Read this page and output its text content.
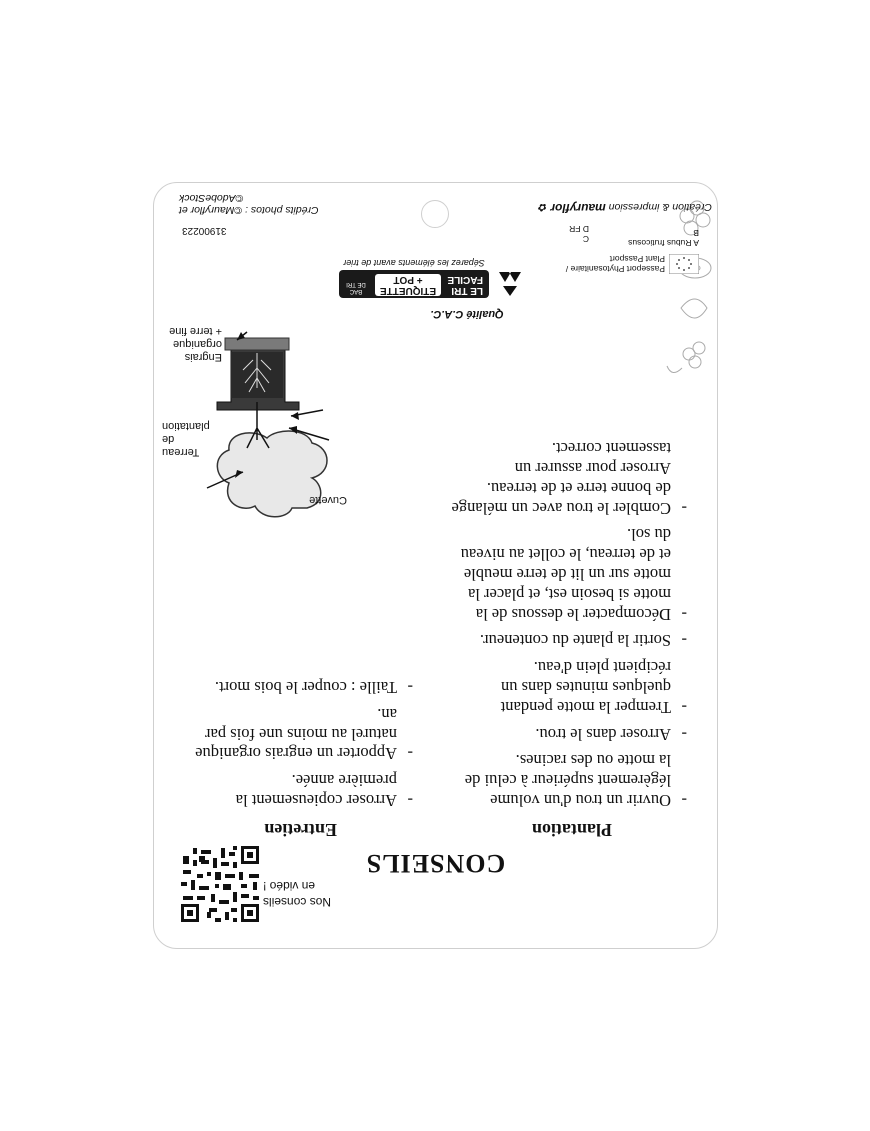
Nos conseils
en vidéo !
CONSEILS
Plantation
Entretien
- Ouvrir un trou d'un volume légèrement supérieur à celui de la motte ou des racines.
- Arroser dans le trou.
- Tremper la motte pendant quelques minutes dans un récipient plein d'eau.
- Sortir la plante du conteneur.
- Décompacter le dessous de la motte si besoin est, et placer la motte sur un lit de terre meuble et de terreau, le collet au niveau du sol.
- Combler le trou avec un mélange de bonne terre et de terreau. Arroser pour assurer un tassement correct.
- Arroser copieusement la première année.
- Apporter un engrais organique naturel au moins une fois par an.
- Taille : couper le bois mort.
Cuvette
Terreau
de
plantation
Engrais
organique
+ terre fine
Qualité C.A.C.
LE TRI
FACILE
ÉTIQUETTE
+ POT
BAC DE TRI
Séparez les éléments avant de trier
Passeport Phytosanitaire /
Plant Passport
A Rubus fruticosus
B
C
D FR
31900223
Crédits photos : ©Mauryflor et ©AdobeStock
Création & impression mauryflor ✿
